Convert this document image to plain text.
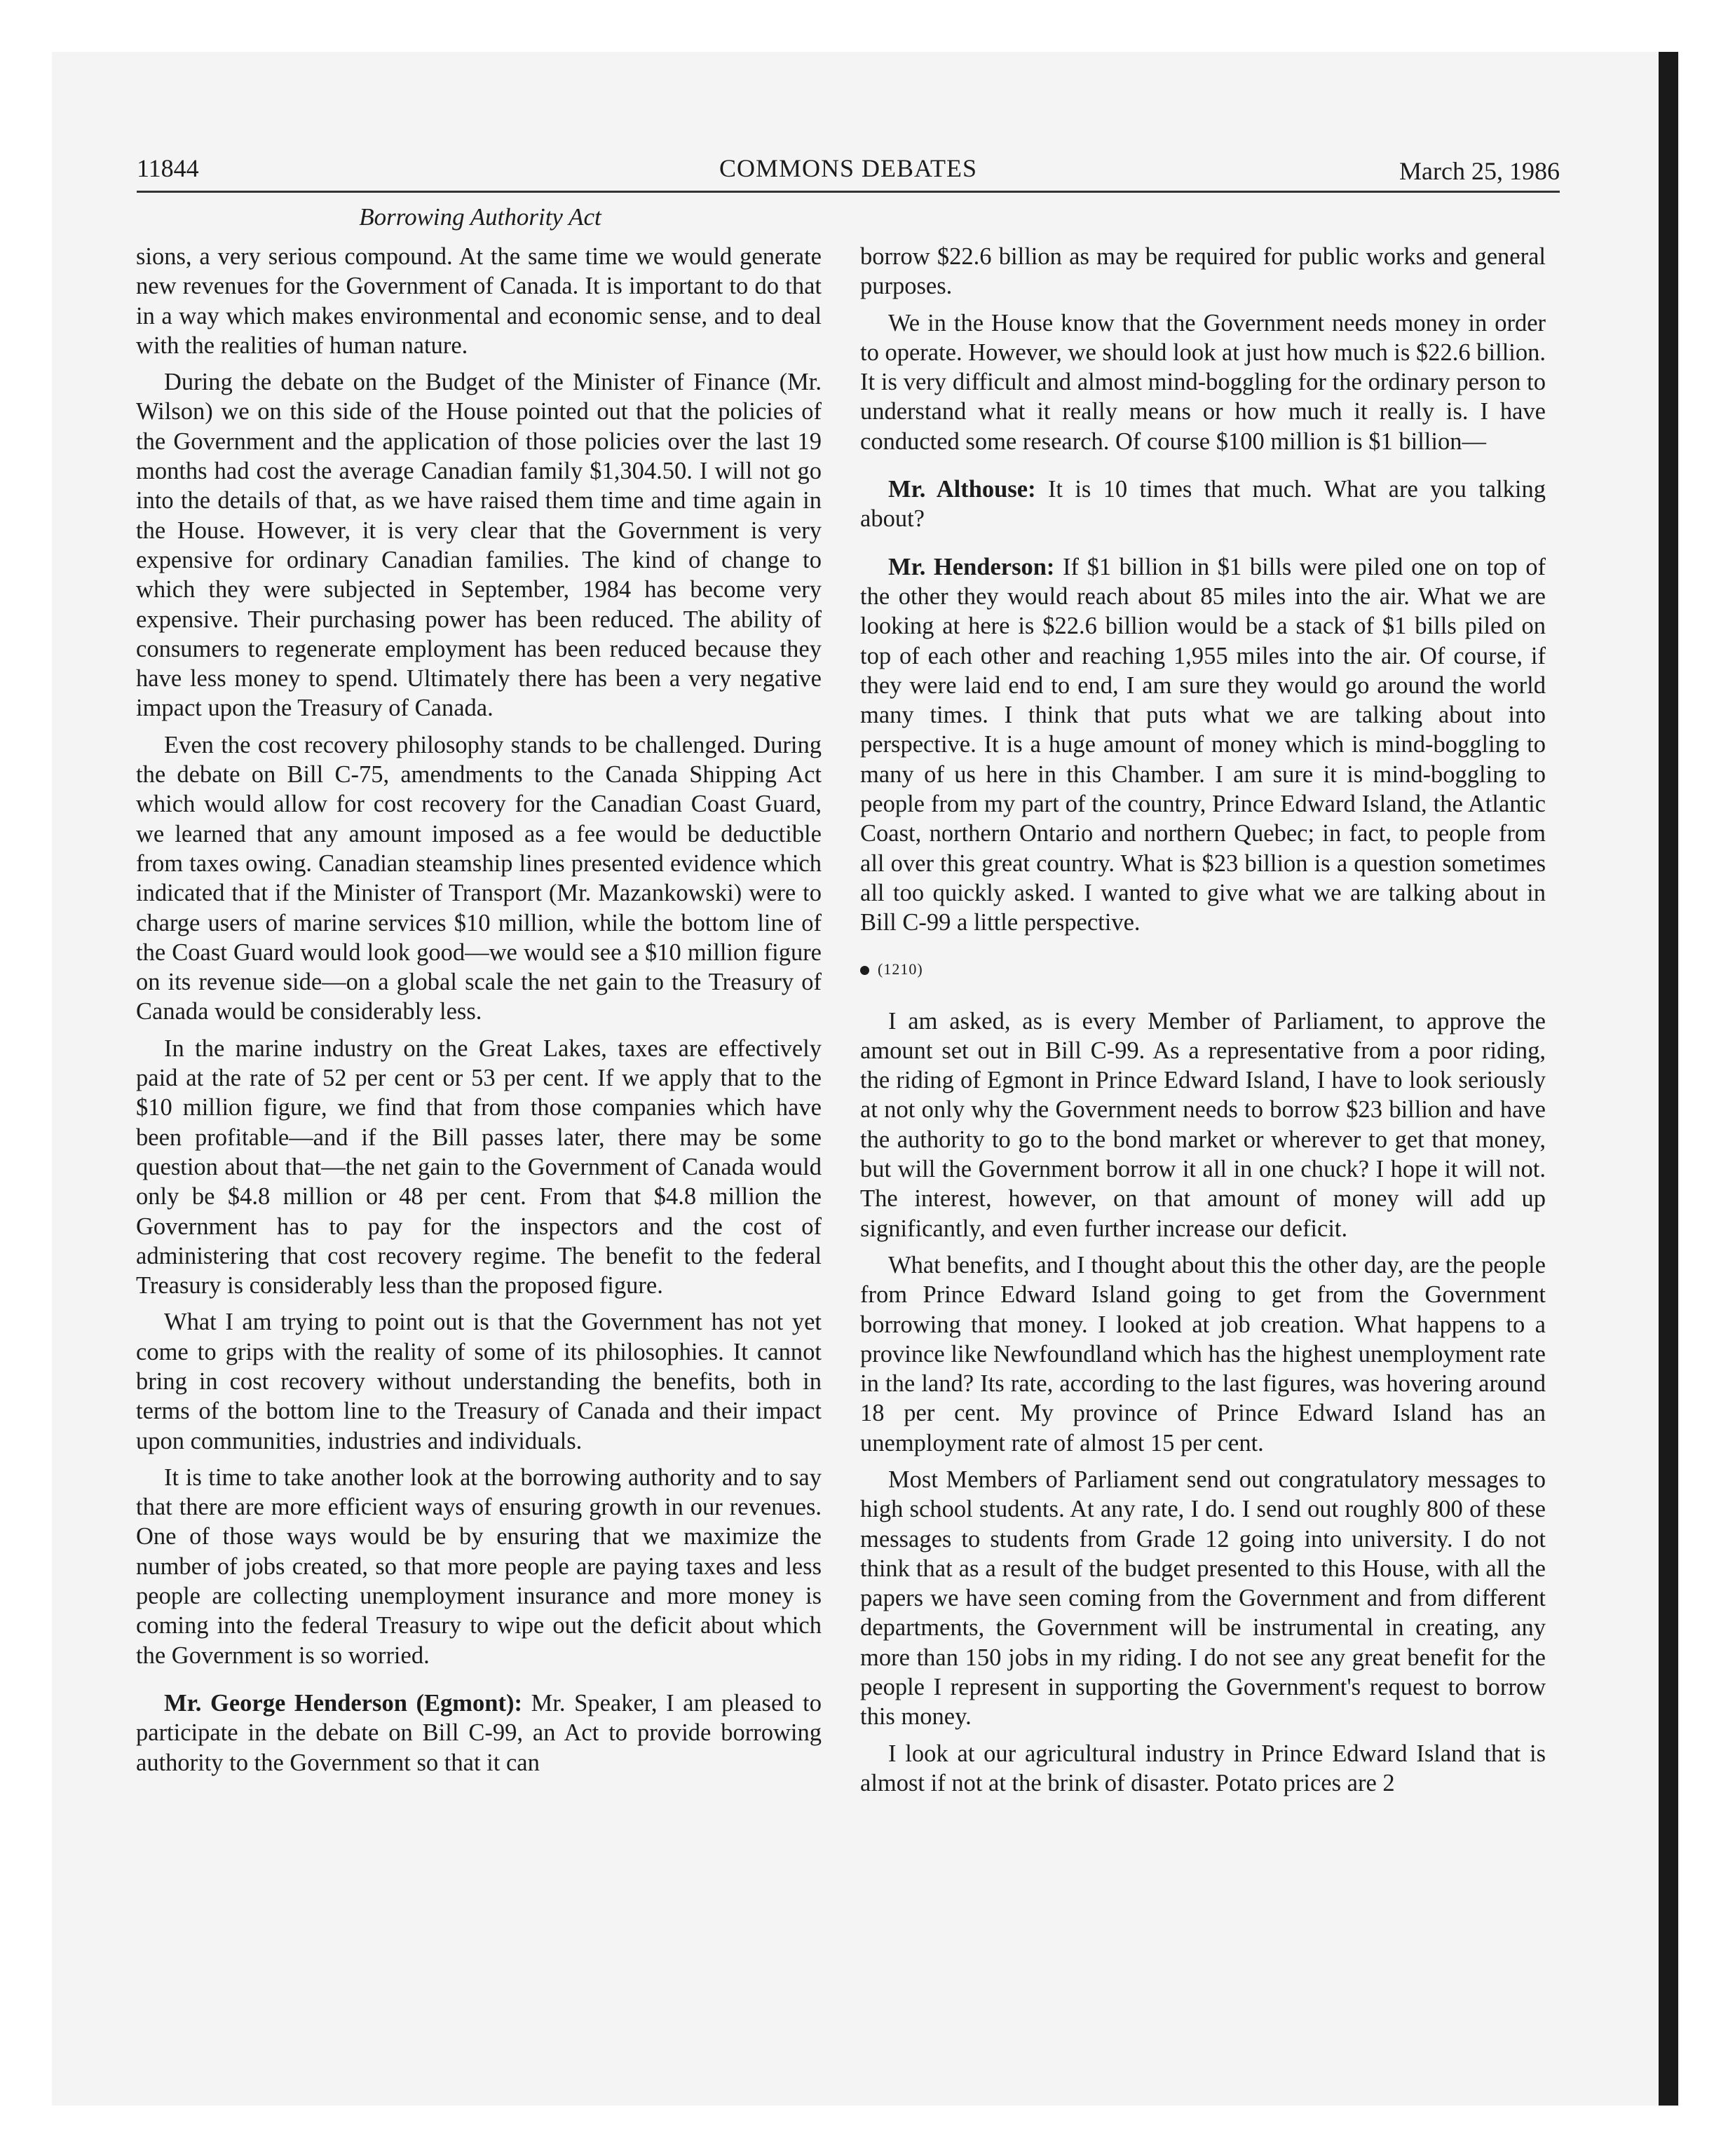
11844	COMMONS DEBATES	March 25, 1986
Borrowing Authority Act

sions, a very serious compound. At the same time we would generate new revenues for the Government of Canada. It is important to do that in a way which makes environmental and economic sense, and to deal with the realities of human nature.

During the debate on the Budget of the Minister of Finance (Mr. Wilson) we on this side of the House pointed out that the policies of the Government and the application of those policies over the last 19 months had cost the average Canadian family $1,304.50. I will not go into the details of that, as we have raised them time and time again in the House. However, it is very clear that the Government is very expensive for ordinary Canadian families. The kind of change to which they were subjected in September, 1984 has become very expensive. Their purchasing power has been reduced. The ability of consumers to regenerate employment has been reduced because they have less money to spend. Ultimately there has been a very negative impact upon the Treasury of Canada.

Even the cost recovery philosophy stands to be challenged. During the debate on Bill C-75, amendments to the Canada Shipping Act which would allow for cost recovery for the Canadian Coast Guard, we learned that any amount imposed as a fee would be deductible from taxes owing. Canadian steamship lines presented evidence which indicated that if the Minister of Transport (Mr. Mazankowski) were to charge users of marine services $10 million, while the bottom line of the Coast Guard would look good—we would see a $10 million figure on its revenue side—on a global scale the net gain to the Treasury of Canada would be considerably less.

In the marine industry on the Great Lakes, taxes are effectively paid at the rate of 52 per cent or 53 per cent. If we apply that to the $10 million figure, we find that from those companies which have been profitable—and if the Bill passes later, there may be some question about that—the net gain to the Government of Canada would only be $4.8 million or 48 per cent. From that $4.8 million the Government has to pay for the inspectors and the cost of administering that cost recovery regime. The benefit to the federal Treasury is considerably less than the proposed figure.

What I am trying to point out is that the Government has not yet come to grips with the reality of some of its philosophies. It cannot bring in cost recovery without understanding the benefits, both in terms of the bottom line to the Treasury of Canada and their impact upon communities, industries and individuals.

It is time to take another look at the borrowing authority and to say that there are more efficient ways of ensuring growth in our revenues. One of those ways would be by ensuring that we maximize the number of jobs created, so that more people are paying taxes and less people are collecting unemployment insurance and more money is coming into the federal Treasury to wipe out the deficit about which the Government is so worried.

Mr. George Henderson (Egmont): Mr. Speaker, I am pleased to participate in the debate on Bill C-99, an Act to provide borrowing authority to the Government so that it can

borrow $22.6 billion as may be required for public works and general purposes.

We in the House know that the Government needs money in order to operate. However, we should look at just how much is $22.6 billion. It is very difficult and almost mind-boggling for the ordinary person to understand what it really means or how much it really is. I have conducted some research. Of course $100 million is $1 billion—

Mr. Althouse: It is 10 times that much. What are you talking about?

Mr. Henderson: If $1 billion in $1 bills were piled one on top of the other they would reach about 85 miles into the air. What we are looking at here is $22.6 billion would be a stack of $1 bills piled on top of each other and reaching 1,955 miles into the air. Of course, if they were laid end to end, I am sure they would go around the world many times. I think that puts what we are talking about into perspective. It is a huge amount of money which is mind-boggling to many of us here in this Chamber. I am sure it is mind-boggling to people from my part of the country, Prince Edward Island, the Atlantic Coast, northern Ontario and northern Quebec; in fact, to people from all over this great country. What is $23 billion is a question sometimes all too quickly asked. I wanted to give what we are talking about in Bill C-99 a little perspective.

(1210)

I am asked, as is every Member of Parliament, to approve the amount set out in Bill C-99. As a representative from a poor riding, the riding of Egmont in Prince Edward Island, I have to look seriously at not only why the Government needs to borrow $23 billion and have the authority to go to the bond market or wherever to get that money, but will the Government borrow it all in one chuck? I hope it will not. The interest, however, on that amount of money will add up significantly, and even further increase our deficit.

What benefits, and I thought about this the other day, are the people from Prince Edward Island going to get from the Government borrowing that money. I looked at job creation. What happens to a province like Newfoundland which has the highest unemployment rate in the land? Its rate, according to the last figures, was hovering around 18 per cent. My province of Prince Edward Island has an unemployment rate of almost 15 per cent.

Most Members of Parliament send out congratulatory messages to high school students. At any rate, I do. I send out roughly 800 of these messages to students from Grade 12 going into university. I do not think that as a result of the budget presented to this House, with all the papers we have seen coming from the Government and from different departments, the Government will be instrumental in creating, any more than 150 jobs in my riding. I do not see any great benefit for the people I represent in supporting the Government's request to borrow this money.

I look at our agricultural industry in Prince Edward Island that is almost if not at the brink of disaster. Potato prices are 2
